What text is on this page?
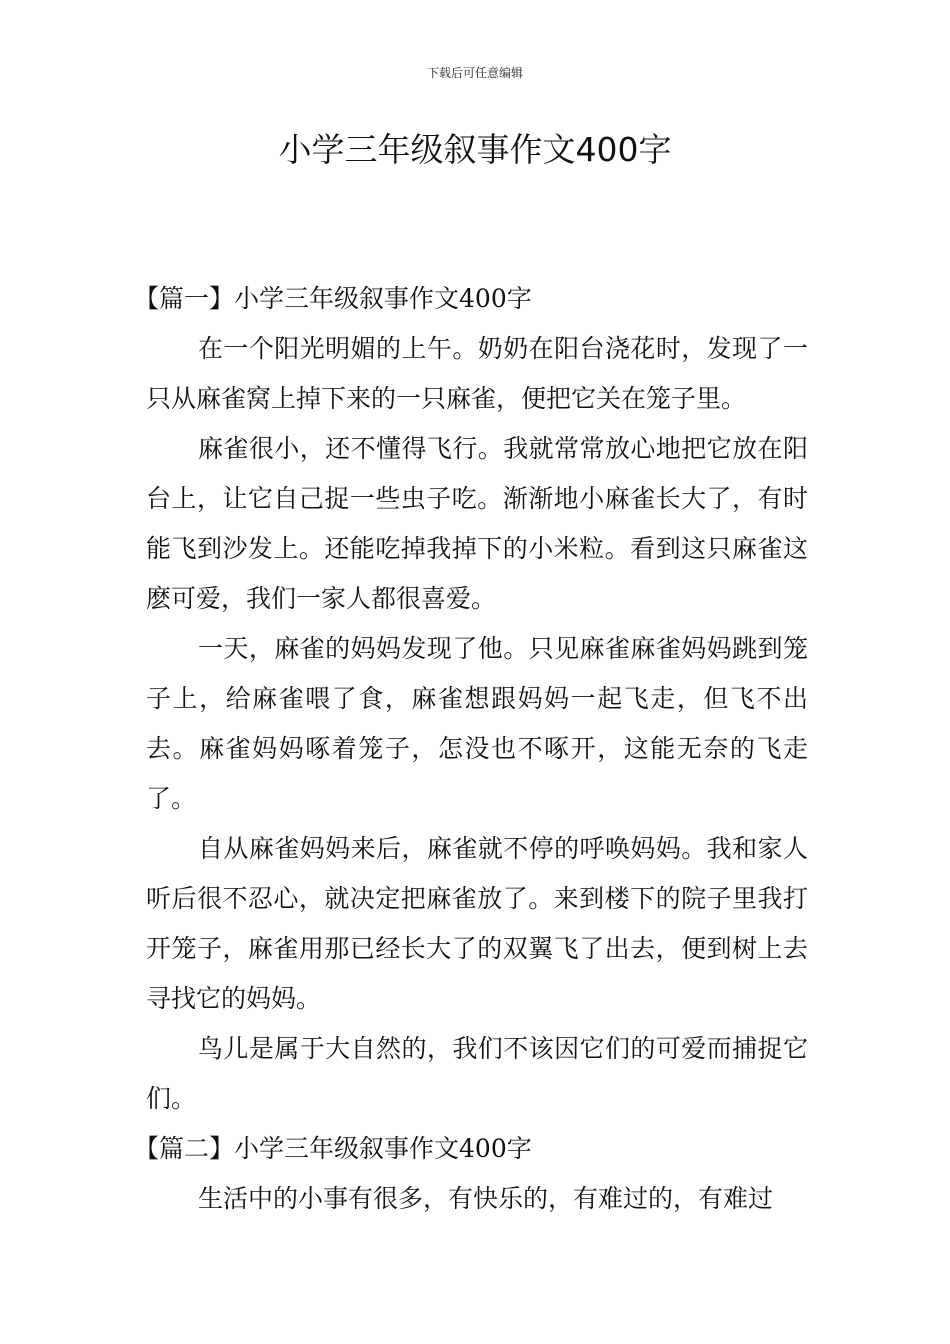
下载后可任意编辑
小学三年级叙事作文400字

【篇一】小学三年级叙事作文400字

在一个阳光明媚的上午。奶奶在阳台浇花时，发现了一只从麻雀窝上掉下来的一只麻雀，便把它关在笼子里。

麻雀很小，还不懂得飞行。我就常常放心地把它放在阳台上，让它自己捉一些虫子吃。渐渐地小麻雀长大了，有时能飞到沙发上。还能吃掉我掉下的小米粒。看到这只麻雀这麽可爱，我们一家人都很喜爱。

一天，麻雀的妈妈发现了他。只见麻雀麻雀妈妈跳到笼子上，给麻雀喂了食，麻雀想跟妈妈一起飞走，但飞不出去。麻雀妈妈啄着笼子，怎没也不啄开，这能无奈的飞走了。

自从麻雀妈妈来后，麻雀就不停的呼唤妈妈。我和家人听后很不忍心，就决定把麻雀放了。来到楼下的院子里我打开笼子，麻雀用那已经长大了的双翼飞了出去，便到树上去寻找它的妈妈。

鸟儿是属于大自然的，我们不该因它们的可爱而捕捉它们。

【篇二】小学三年级叙事作文400字

生活中的小事有很多，有快乐的，有难过的，有难过
